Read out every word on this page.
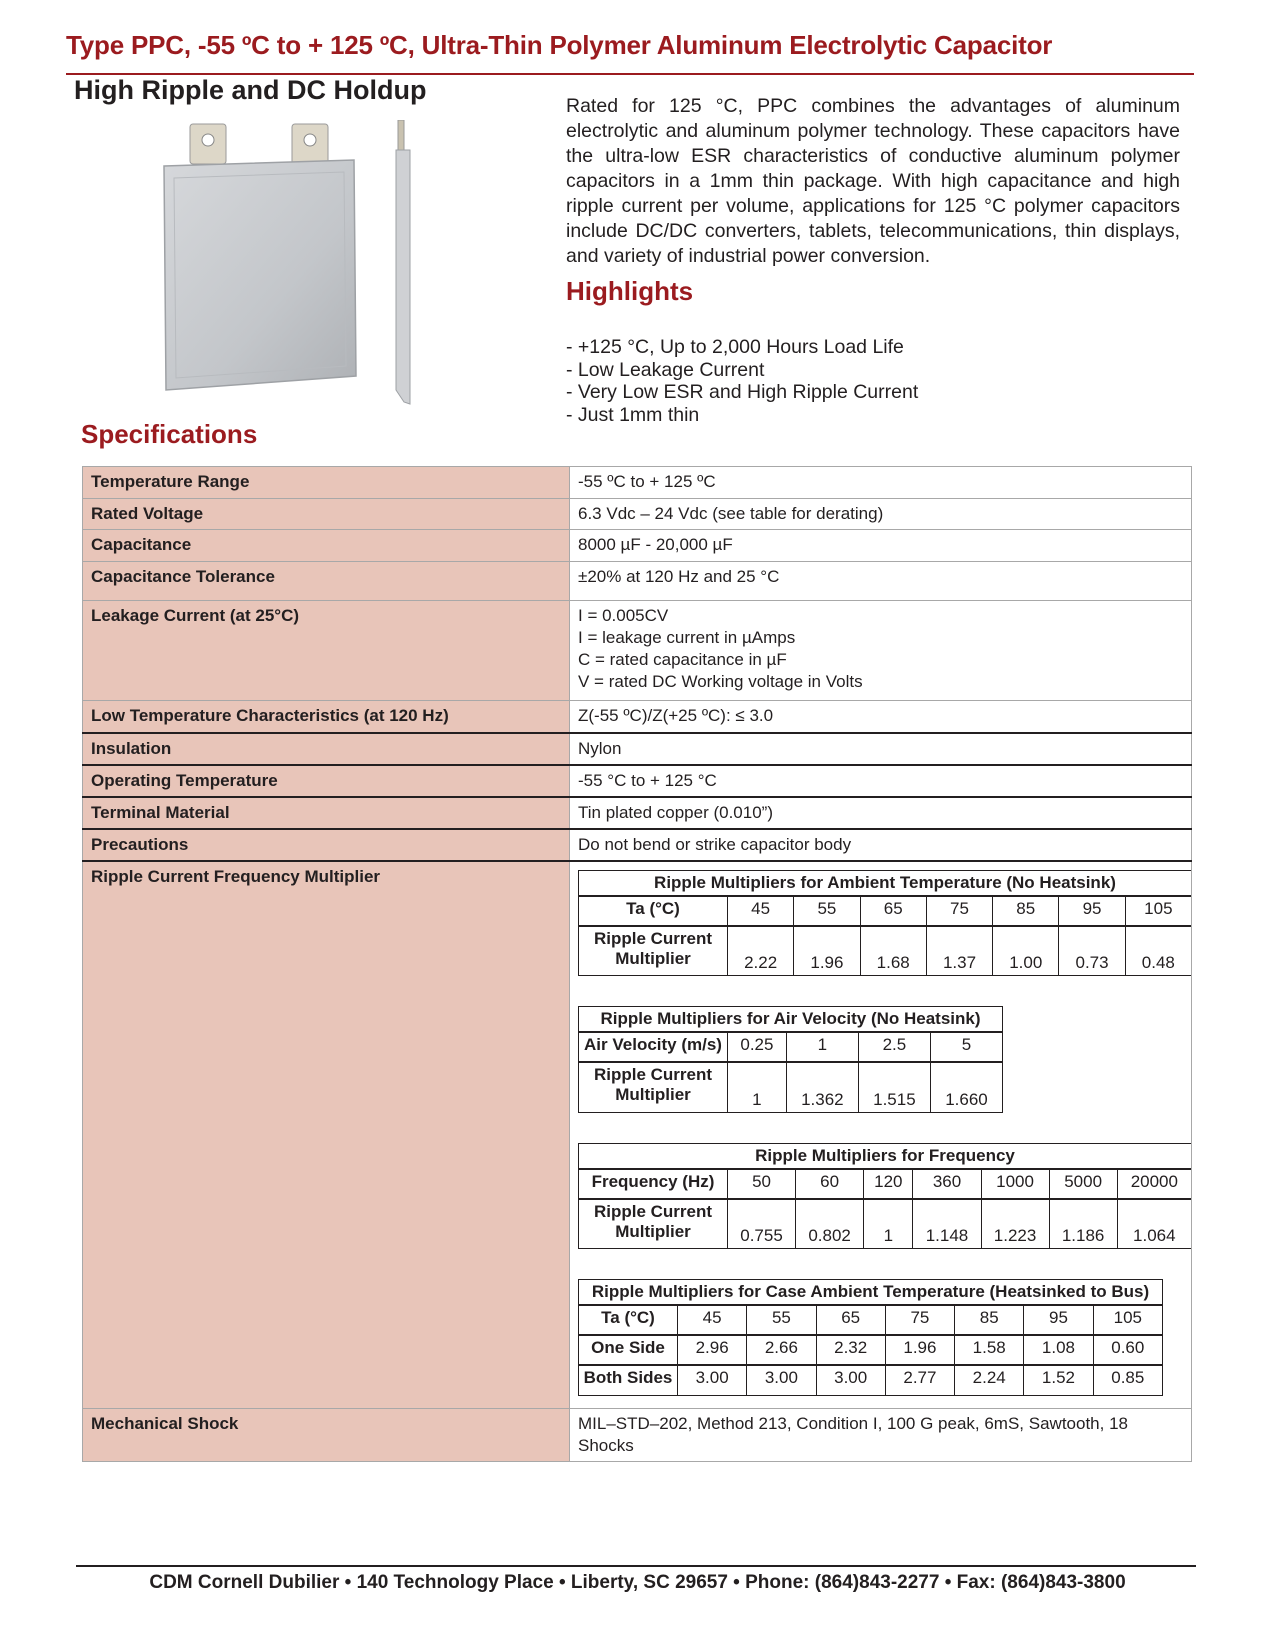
Type PPC, -55 ºC to + 125 ºC, Ultra-Thin Polymer Aluminum Electrolytic Capacitor
High Ripple and DC Holdup
Rated for 125 °C, PPC combines the advantages of aluminum electrolytic and aluminum polymer technology. These capacitors have the ultra-low ESR characteristics of conductive aluminum polymer capacitors in a 1mm thin package. With high capacitance and high ripple current per volume, applications for 125 °C polymer capacitors include DC/DC converters, tablets, telecommunications, thin displays, and variety of industrial power conversion.
Highlights
- +125 °C, Up to 2,000 Hours Load Life
- Low Leakage Current
- Very Low ESR and High Ripple Current
- Just 1mm thin
Specifications
Temperature Range	-55 ºC to + 125 ºC
Rated Voltage	6.3 Vdc – 24 Vdc (see table for derating)
Capacitance	8000 µF - 20,000 µF
Capacitance Tolerance	±20% at 120 Hz and 25 °C
Leakage Current (at 25°C)	I = 0.005CV
I = leakage current in µAmps
C = rated capacitance in µF
V = rated DC Working voltage in Volts

Low Temperature Characteristics (at 120 Hz)	Z(-55 ºC)/Z(+25 ºC): ≤ 3.0
Insulation	Nylon
Operating Temperature	-55 °C to + 125 °C
Terminal Material	Tin plated copper (0.010”)
Precautions	Do not bend or strike capacitor body
Ripple Current Frequency Multiplier		Ripple Multipliers for Ambient Temperature (No Heatsink)
Ta (°C)	45	55	65	75	85	95	105
Ripple Current Multiplier	2.22	1.96	1.68	1.37	1.00	0.73	0.48
Ripple Multipliers for Air Velocity (No Heatsink)
Air Velocity (m/s)	0.25	1	2.5	5
Ripple Current Multiplier	1	1.362	1.515	1.660
Ripple Multipliers for Frequency
Frequency (Hz)	50	60	120	360	1000	5000	20000
Ripple Current Multiplier	0.755	0.802	1	1.148	1.223	1.186	1.064
Ripple Multipliers for Case Ambient Temperature (Heatsinked to Bus)
Ta (°C)	45	55	65	75	85	95	105
One Side	2.96	2.66	2.32	1.96	1.58	1.08	0.60
Both Sides	3.00	3.00	3.00	2.77	2.24	1.52	0.85

Mechanical Shock	MIL–STD–202, Method 213, Condition I, 100 G peak, 6mS, Sawtooth, 18 Shocks
CDM Cornell Dubilier • 140 Technology Place • Liberty, SC 29657 • Phone: (864)843-2277 • Fax: (864)843-3800
